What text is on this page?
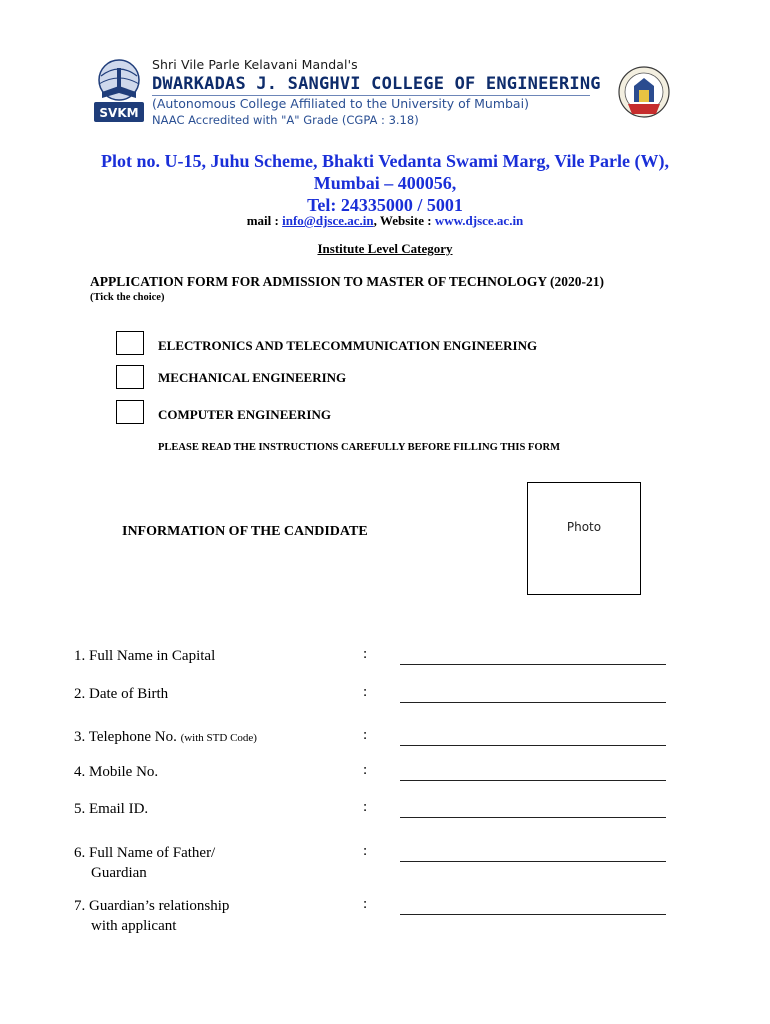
SVKM
Shri Vile Parle Kelavani Mandal's
DWARKADAS J. SANGHVI COLLEGE OF ENGINEERING
(Autonomous College Affiliated to the University of Mumbai)
NAAC Accredited with "A" Grade (CGPA : 3.18)
Plot no. U-15, Juhu Scheme, Bhakti Vedanta Swami Marg, Vile Parle (W),
Mumbai – 400056,
Tel: 24335000 / 5001
mail : info@djsce.ac.in, Website : www.djsce.ac.in
Institute Level Category
APPLICATION FORM FOR ADMISSION TO MASTER OF TECHNOLOGY (2020-21)
(Tick the choice)
ELECTRONICS AND TELECOMMUNICATION ENGINEERING
MECHANICAL ENGINEERING
COMPUTER ENGINEERING
PLEASE READ THE INSTRUCTIONS CAREFULLY BEFORE FILLING THIS FORM
Photo
INFORMATION OF THE CANDIDATE
1. Full Name in Capital	:
2. Date of Birth	:
3. Telephone No. (with STD Code)	:
4. Mobile No.	:
5. Email ID.	:
6. Full Name of Father/
Guardian
:
7. Guardian’s relationship
with applicant
:
